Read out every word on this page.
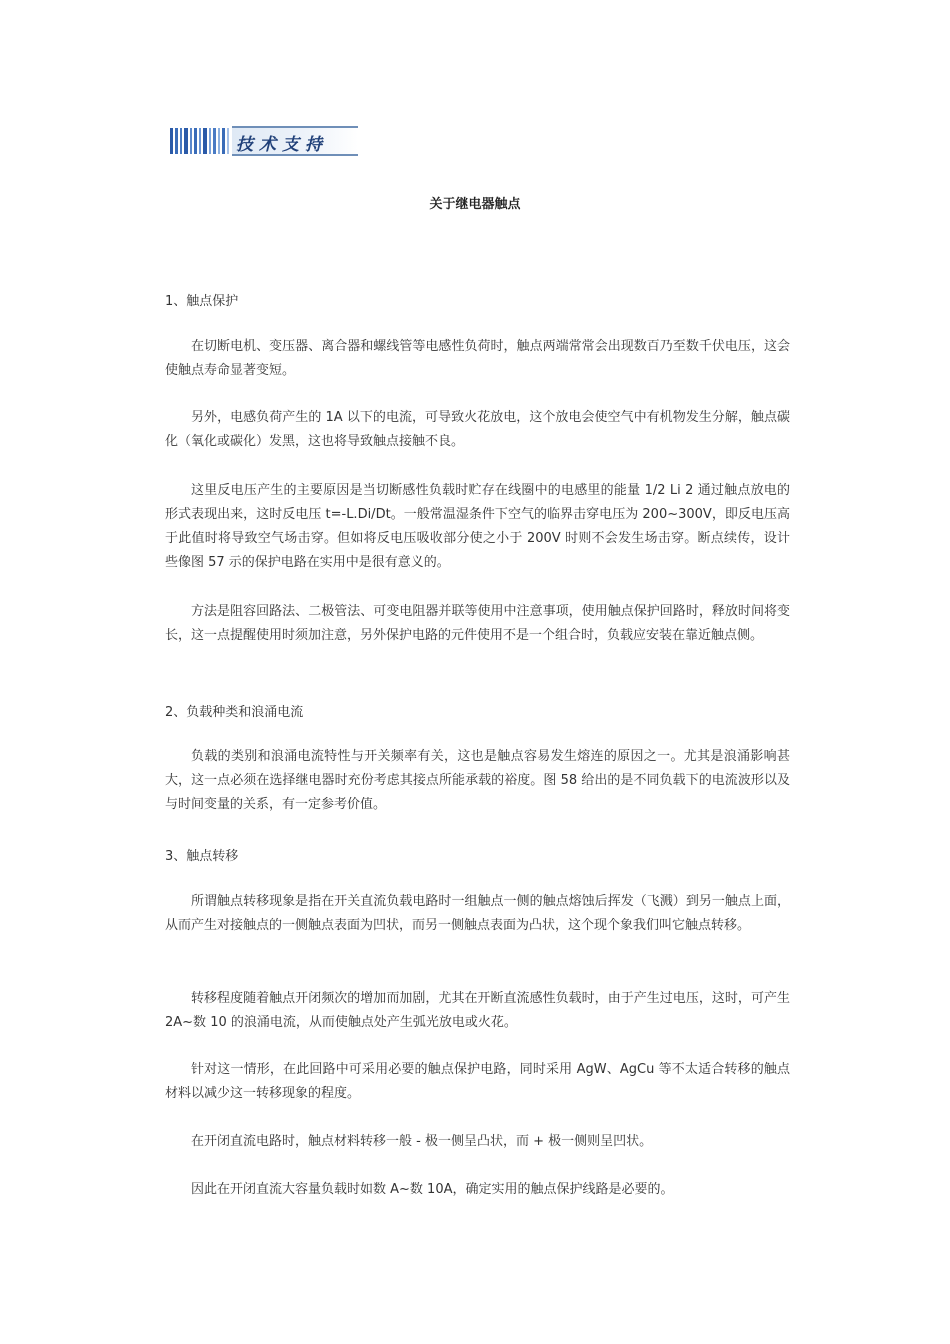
技术支持
关于继电器触点
1、触点保护
在切断电机、变压器、离合器和螺线管等电感性负荷时，触点两端常常会出现数百乃至数千伏电压，这会使触点寿命显著变短。
另外，电感负荷产生的 1A 以下的电流，可导致火花放电，这个放电会使空气中有机物发生分解，触点碳化（氧化或碳化）发黑，这也将导致触点接触不良。
这里反电压产生的主要原因是当切断感性负载时贮存在线圈中的电感里的能量 1/2 Li 2 通过触点放电的形式表现出来，这时反电压 t=-L.Di/Dt。一般常温湿条件下空气的临界击穿电压为 200~300V，即反电压高于此值时将导致空气场击穿。但如将反电压吸收部分使之小于 200V 时则不会发生场击穿。断点续传，设计些像图 57 示的保护电路在实用中是很有意义的。
方法是阻容回路法、二极管法、可变电阻器并联等使用中注意事项，使用触点保护回路时，释放时间将变长，这一点提醒使用时须加注意，另外保护电路的元件使用不是一个组合时，负载应安装在靠近触点侧。
2、负载种类和浪涌电流
负载的类别和浪涌电流特性与开关频率有关，这也是触点容易发生熔连的原因之一。尤其是浪涌影响甚大，这一点必须在选择继电器时充份考虑其接点所能承载的裕度。图 58 给出的是不同负载下的电流波形以及与时间变量的关系，有一定参考价值。
3、触点转移
所谓触点转移现象是指在开关直流负载电路时一组触点一侧的触点熔蚀后挥发（飞溅）到另一触点上面，从而产生对接触点的一侧触点表面为凹状，而另一侧触点表面为凸状，这个现个象我们叫它触点转移。
转移程度随着触点开闭频次的增加而加剧，尤其在开断直流感性负载时，由于产生过电压，这时，可产生 2A~数 10 的浪涌电流，从而使触点处产生弧光放电或火花。
针对这一情形，在此回路中可采用必要的触点保护电路，同时采用 AgW、AgCu 等不太适合转移的触点材料以减少这一转移现象的程度。
在开闭直流电路时，触点材料转移一般 - 极一侧呈凸状，而 + 极一侧则呈凹状。
因此在开闭直流大容量负载时如数 A~数 10A，确定实用的触点保护线路是必要的。
